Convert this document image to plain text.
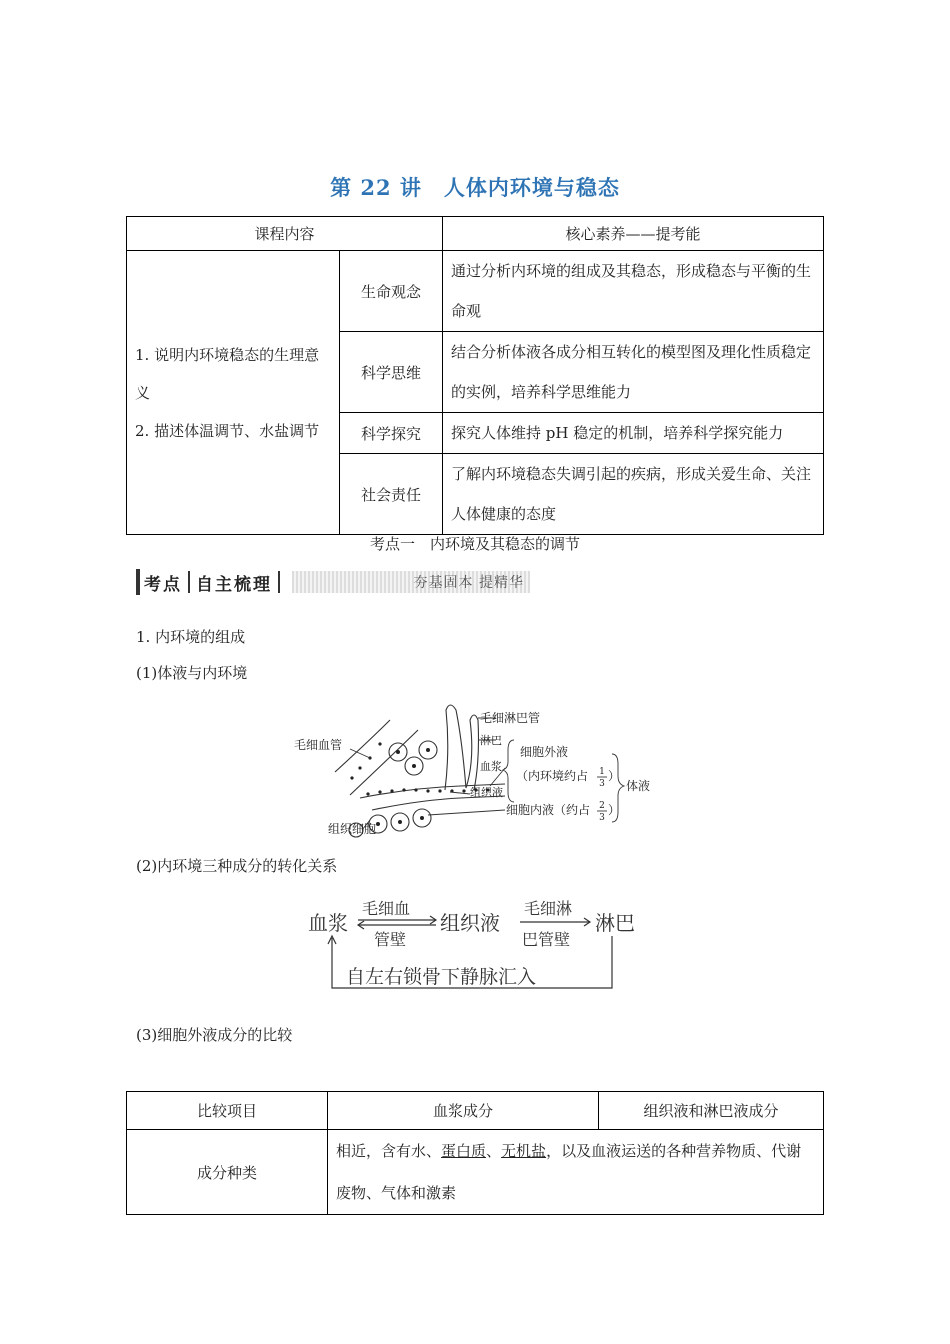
第 22 讲　人体内环境与稳态
课程内容		核心素养——提考能

1. 说明内环境稳态的生理意义
2. 描述体温调节、水盐调节	生命观念	通过分析内环境的组成及其稳态，形成稳态与平衡的生命观
	科学思维	结合分析体液各成分相互转化的模型图及理化性质稳定的实例，培养科学思维能力
	科学探究	探究人体维持 pH 稳定的机制，培养科学探究能力
	社会责任	了解内环境稳态失调引起的疾病，形成关爱生命、关注人体健康的态度
考点一　内环境及其稳态的调节
考点 自主梳理	夯基固本 提精华
1. 内环境的组成
(1)体液与内环境
毛细血管
毛细淋巴管
淋巴
血浆
组织液
组织细胞
细胞外液
（内环境约占 1
3
）
体液
细胞内液（约占 2
3
）
(2)内环境三种成分的转化关系
血浆	组织液	淋巴
毛细血
管壁
毛细淋
巴管壁
自左右锁骨下静脉汇入
(3)细胞外液成分的比较
比较项目	血浆成分	组织液和淋巴液成分
成分种类	相近，含有水、蛋白质、无机盐，以及血液运送的各种营养物质、代谢废物、气体和激素	
